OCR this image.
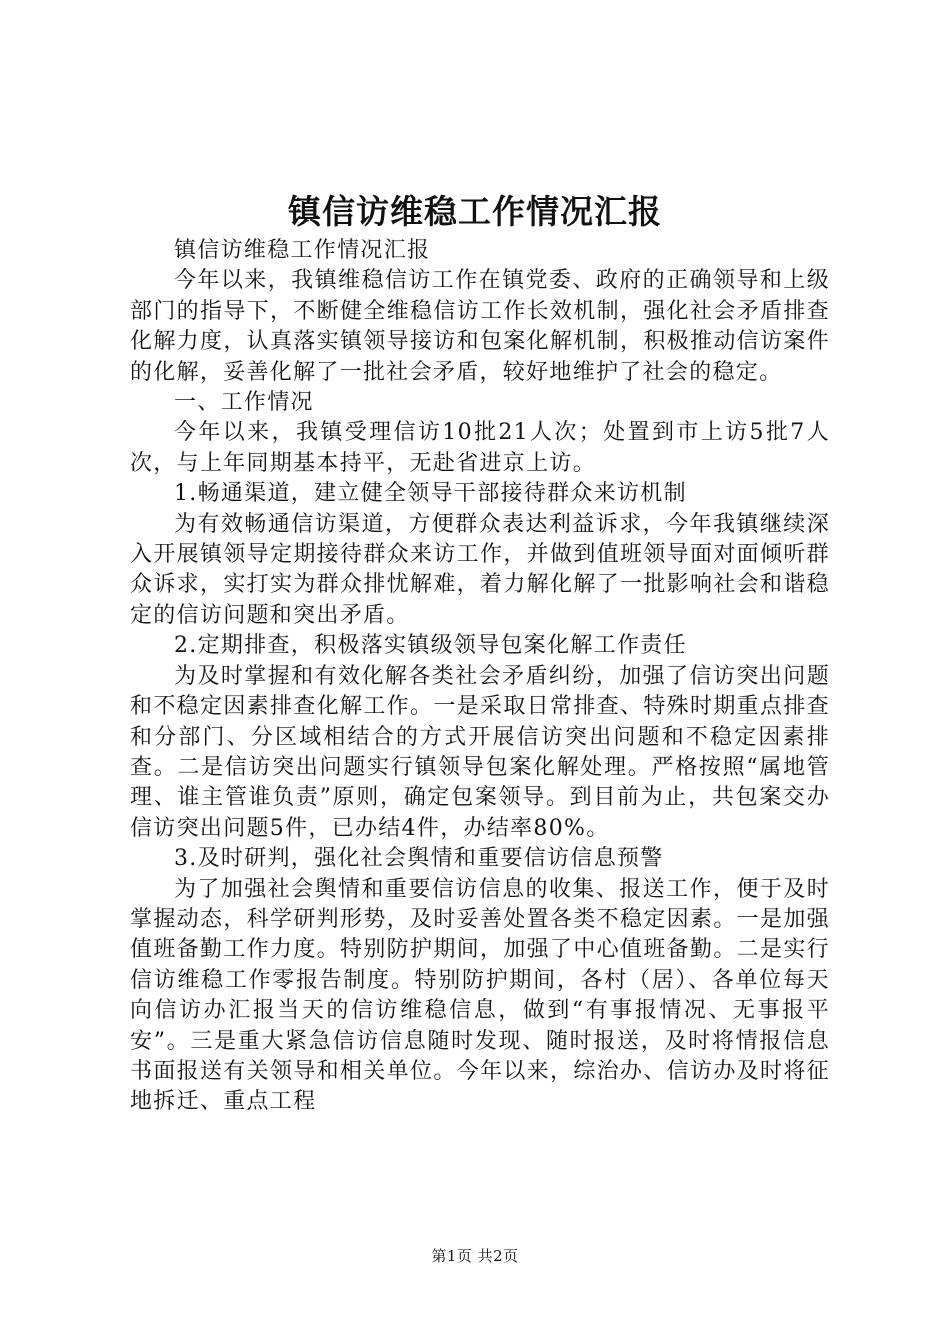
镇信访维稳工作情况汇报

镇信访维稳工作情况汇报

今年以来，我镇维稳信访工作在镇党委、政府的正确领导和上级部门的指导下，不断健全维稳信访工作长效机制，强化社会矛盾排查化解力度，认真落实镇领导接访和包案化解机制，积极推动信访案件的化解，妥善化解了一批社会矛盾，较好地维护了社会的稳定。

一、工作情况

今年以来，我镇受理信访10批21人次；处置到市上访5批7人次，与上年同期基本持平，无赴省进京上访。

1.畅通渠道，建立健全领导干部接待群众来访机制

为有效畅通信访渠道，方便群众表达利益诉求，今年我镇继续深入开展镇领导定期接待群众来访工作，并做到值班领导面对面倾听群众诉求，实打实为群众排忧解难，着力解化解了一批影响社会和谐稳定的信访问题和突出矛盾。

2.定期排查，积极落实镇级领导包案化解工作责任

为及时掌握和有效化解各类社会矛盾纠纷，加强了信访突出问题和不稳定因素排查化解工作。一是采取日常排查、特殊时期重点排查和分部门、分区域相结合的方式开展信访突出问题和不稳定因素排查。二是信访突出问题实行镇领导包案化解处理。严格按照“属地管理、谁主管谁负责”原则，确定包案领导。到目前为止，共包案交办信访突出问题5件，已办结4件，办结率80%。

3.及时研判，强化社会舆情和重要信访信息预警

为了加强社会舆情和重要信访信息的收集、报送工作，便于及时掌握动态，科学研判形势，及时妥善处置各类不稳定因素。一是加强值班备勤工作力度。特别防护期间，加强了中心值班备勤。二是实行信访维稳工作零报告制度。特别防护期间，各村（居）、各单位每天向信访办汇报当天的信访维稳信息，做到“有事报情况、无事报平安”。三是重大紧急信访信息随时发现、随时报送，及时将情报信息书面报送有关领导和相关单位。今年以来，综治办、信访办及时将征地拆迁、重点工程

第1页 共2页
